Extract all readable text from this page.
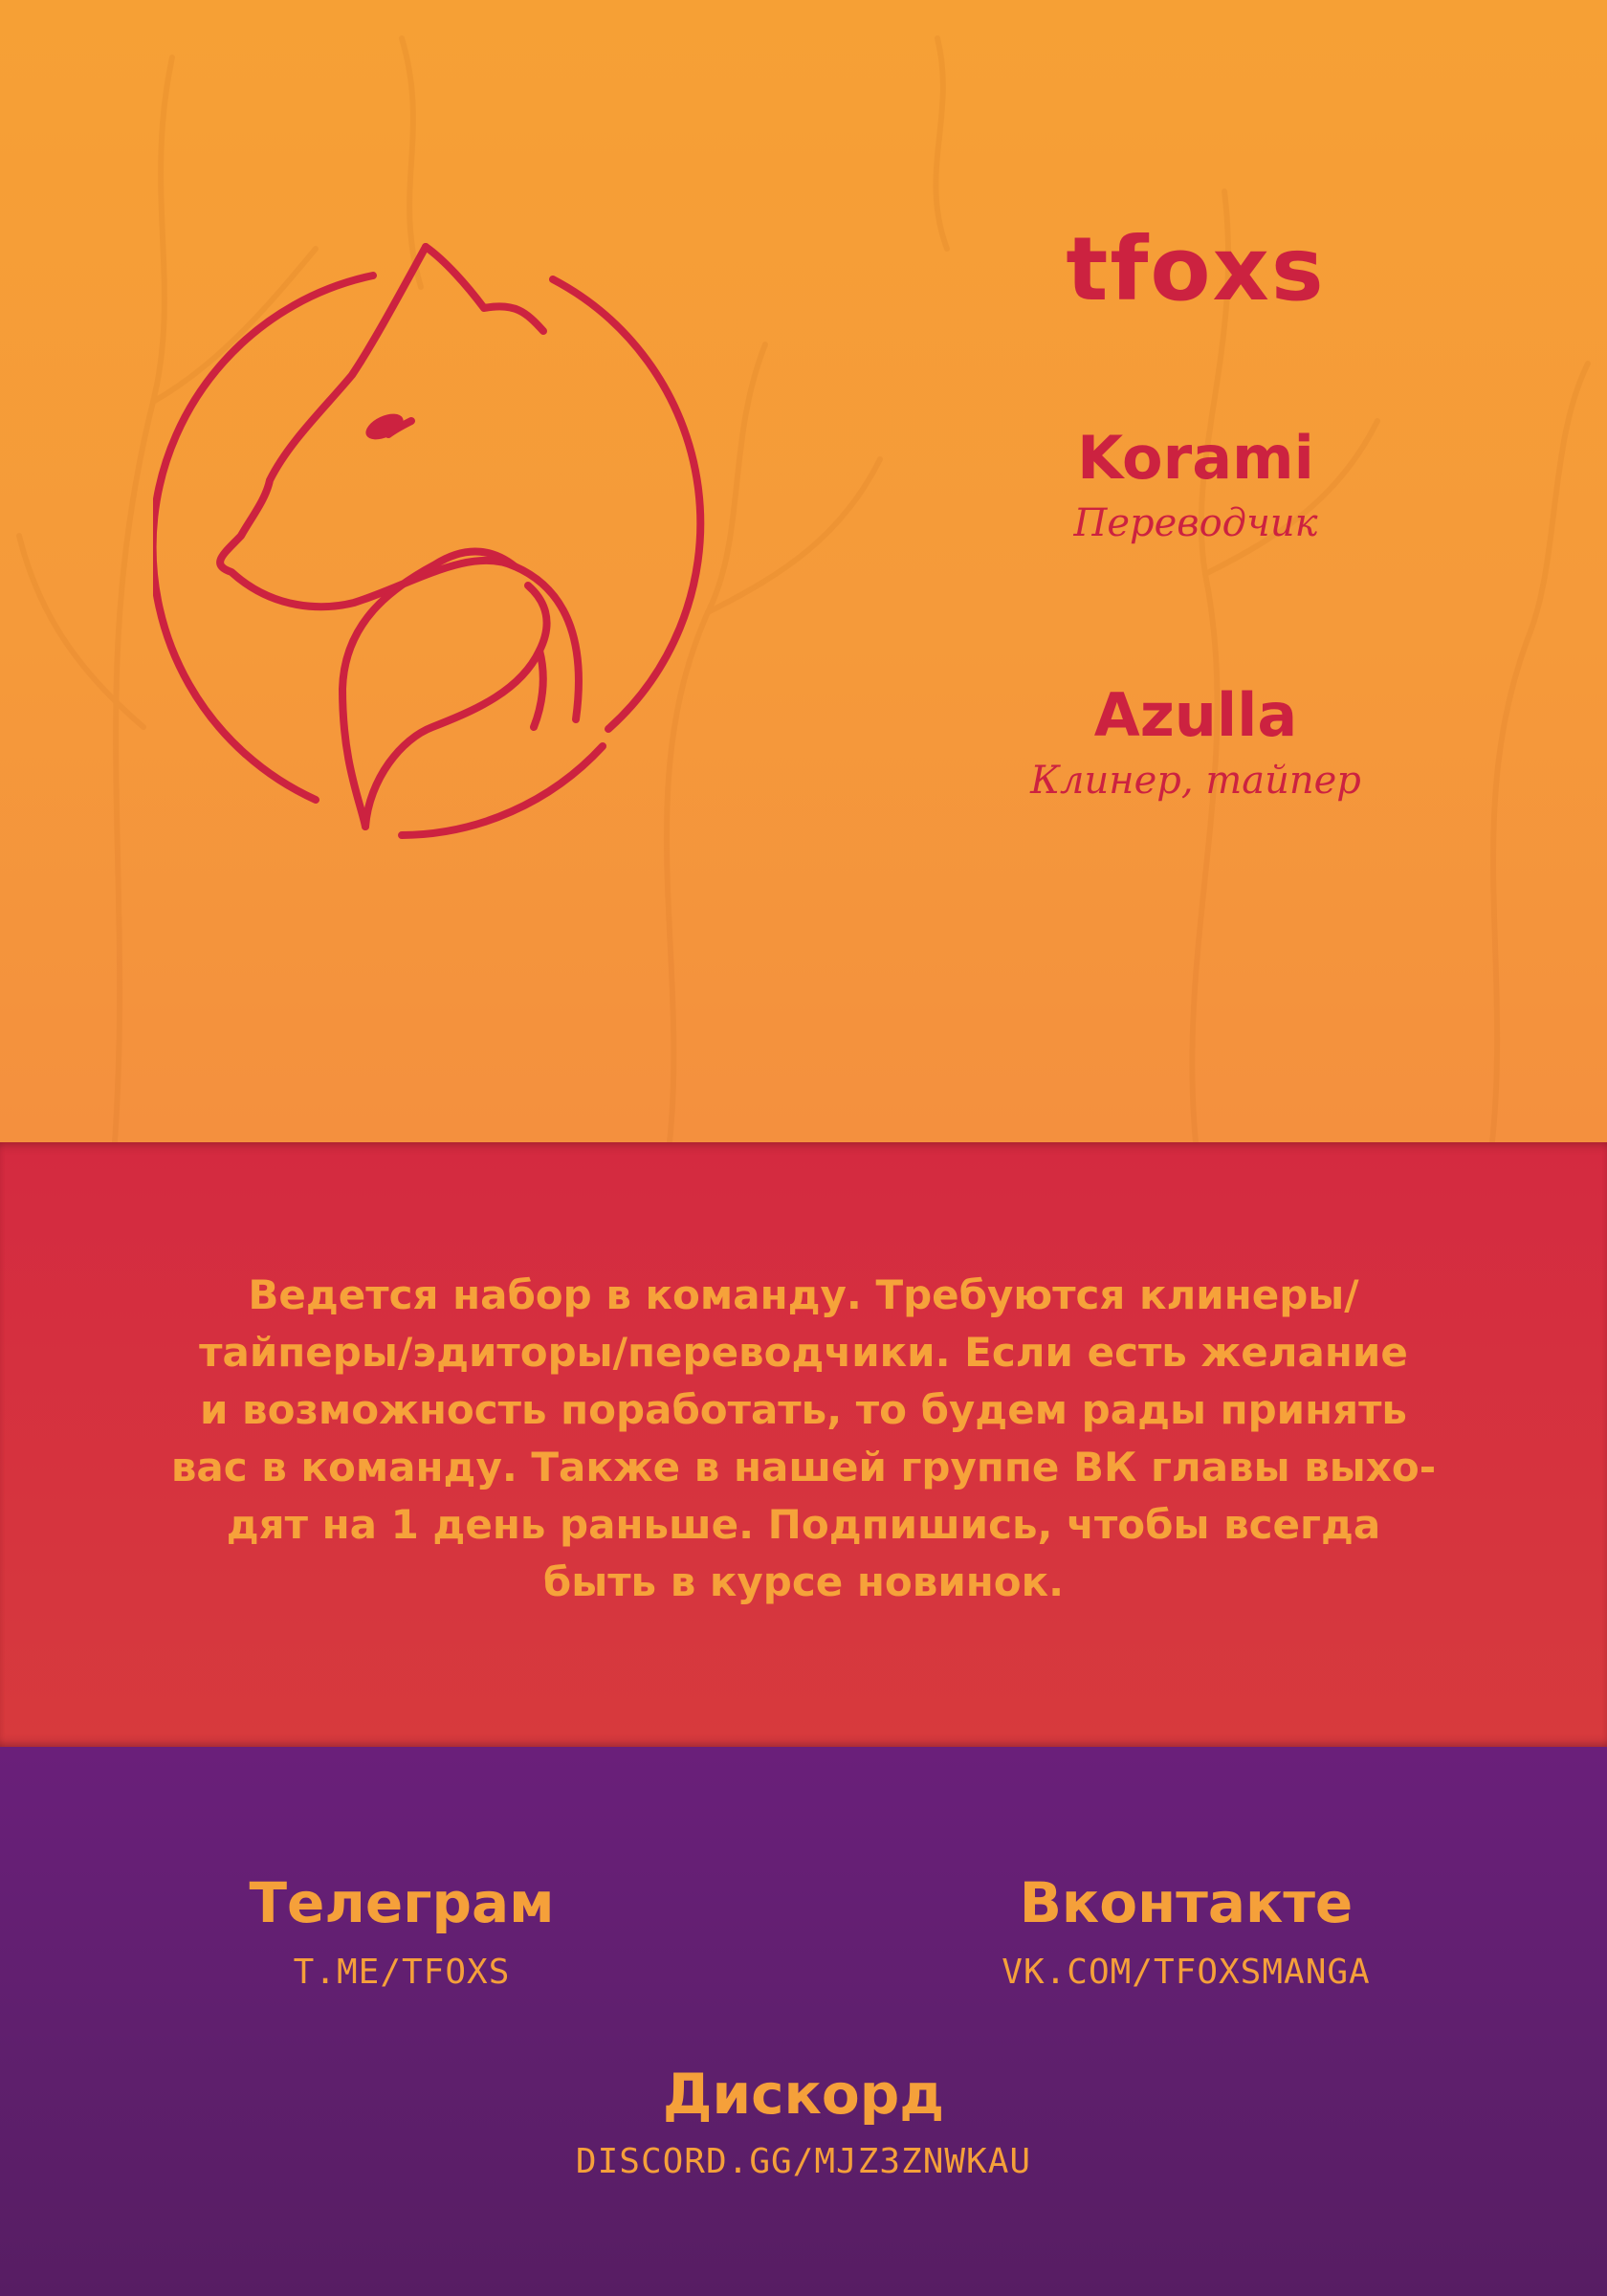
tfoxs
Korami
Переводчик
Azulla
Клинер, тайпер
Ведется набор в команду. Требуются клинеры/
тайперы/эдиторы/переводчики. Если есть желание
и возможность поработать, то будем рады принять
вас в команду. Также в нашей группе ВК главы выхо-
дят на 1 день раньше. Подпишись, чтобы всегда
быть в курсе новинок.
Телеграм
T.ME/TFOXS
Вконтакте
VK.COM/TFOXSMANGA
Дискорд
DISCORD.GG/MJZ3ZNWKAU
